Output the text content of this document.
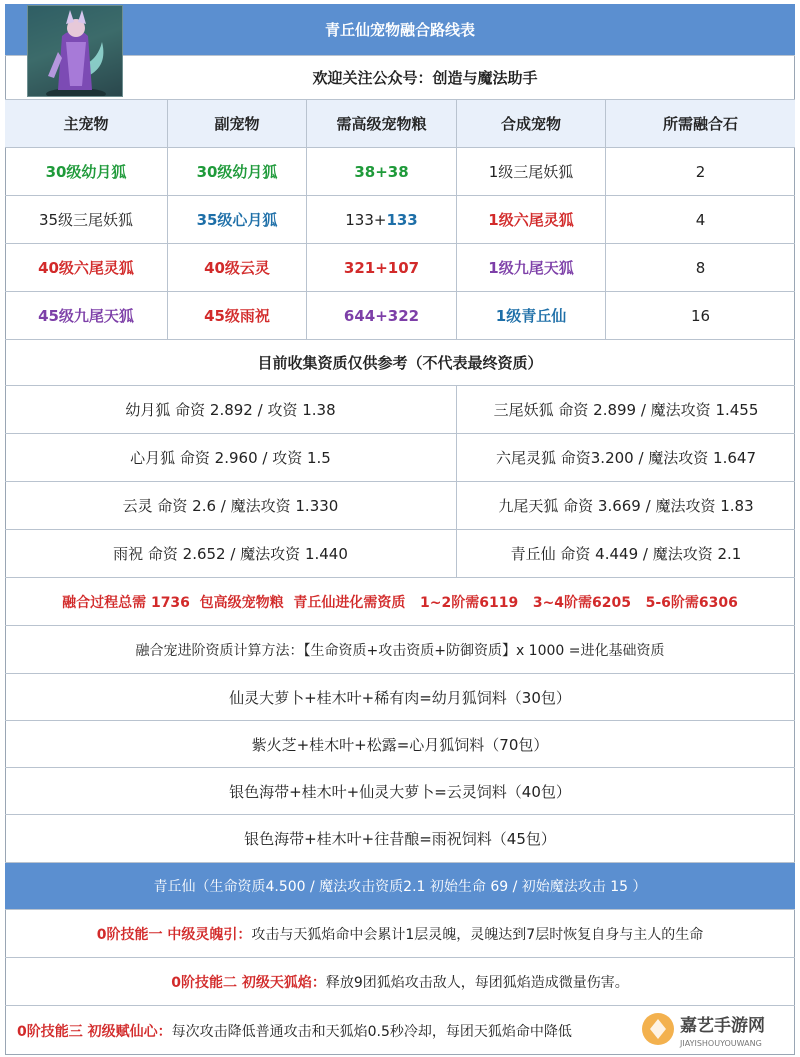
青丘仙宠物融合路线表
欢迎关注公众号：创造与魔法助手
主宠物	副宠物	需高级宠物粮	合成宠物	所需融合石
30级幼月狐	30级幼月狐	38+38	1级三尾妖狐	2
35级三尾妖狐	35级心月狐	133+ 133	1级六尾灵狐	4
40级六尾灵狐	40级云灵	321+107	1级九尾天狐	8
45级九尾天狐	45级雨祝	644+322	1级青丘仙	16
目前收集资质仅供参考（不代表最终资质）
幼月狐 命资 2.892 / 攻资 1.38	三尾妖狐 命资 2.899 / 魔法攻资 1.455
心月狐 命资 2.960 / 攻资 1.5	六尾灵狐 命资3.200 / 魔法攻资 1.647
云灵 命资 2.6 / 魔法攻资 1.330	九尾天狐 命资 3.669 / 魔法攻资 1.83
雨祝 命资 2.652 / 魔法攻资 1.440	青丘仙 命资 4.449 / 魔法攻资 2.1
融合过程总需 1736  包高级宠物粮  青丘仙进化需资质   1~2阶需6119   3~4阶需6205   5-6阶需6306
融合宠进阶资质计算方法：【生命资质+攻击资质+防御资质】x 1000 =进化基础资质
仙灵大萝卜+桂木叶+稀有肉=幼月狐饲料（30包）
紫火芝+桂木叶+松露=心月狐饲料（70包）
银色海带+桂木叶+仙灵大萝卜=云灵饲料（40包）
银色海带+桂木叶+往昔酿=雨祝饲料（45包）
青丘仙（生命资质4.500 / 魔法攻击资质2.1 初始生命 69 / 初始魔法攻击 15 ）
0阶技能一 中级灵魄引： 攻击与天狐焰命中会累计1层灵魄，灵魄达到7层时恢复自身与主人的生命
0阶技能二 初级天狐焰： 释放9团狐焰攻击敌人，每团狐焰造成微量伤害。
0阶技能三 初级赋仙心： 每次攻击降低普通攻击和天狐焰0.5秒冷却，每团天狐焰命中降低	嘉艺手游网
JIAYISHOUYOUWANG
